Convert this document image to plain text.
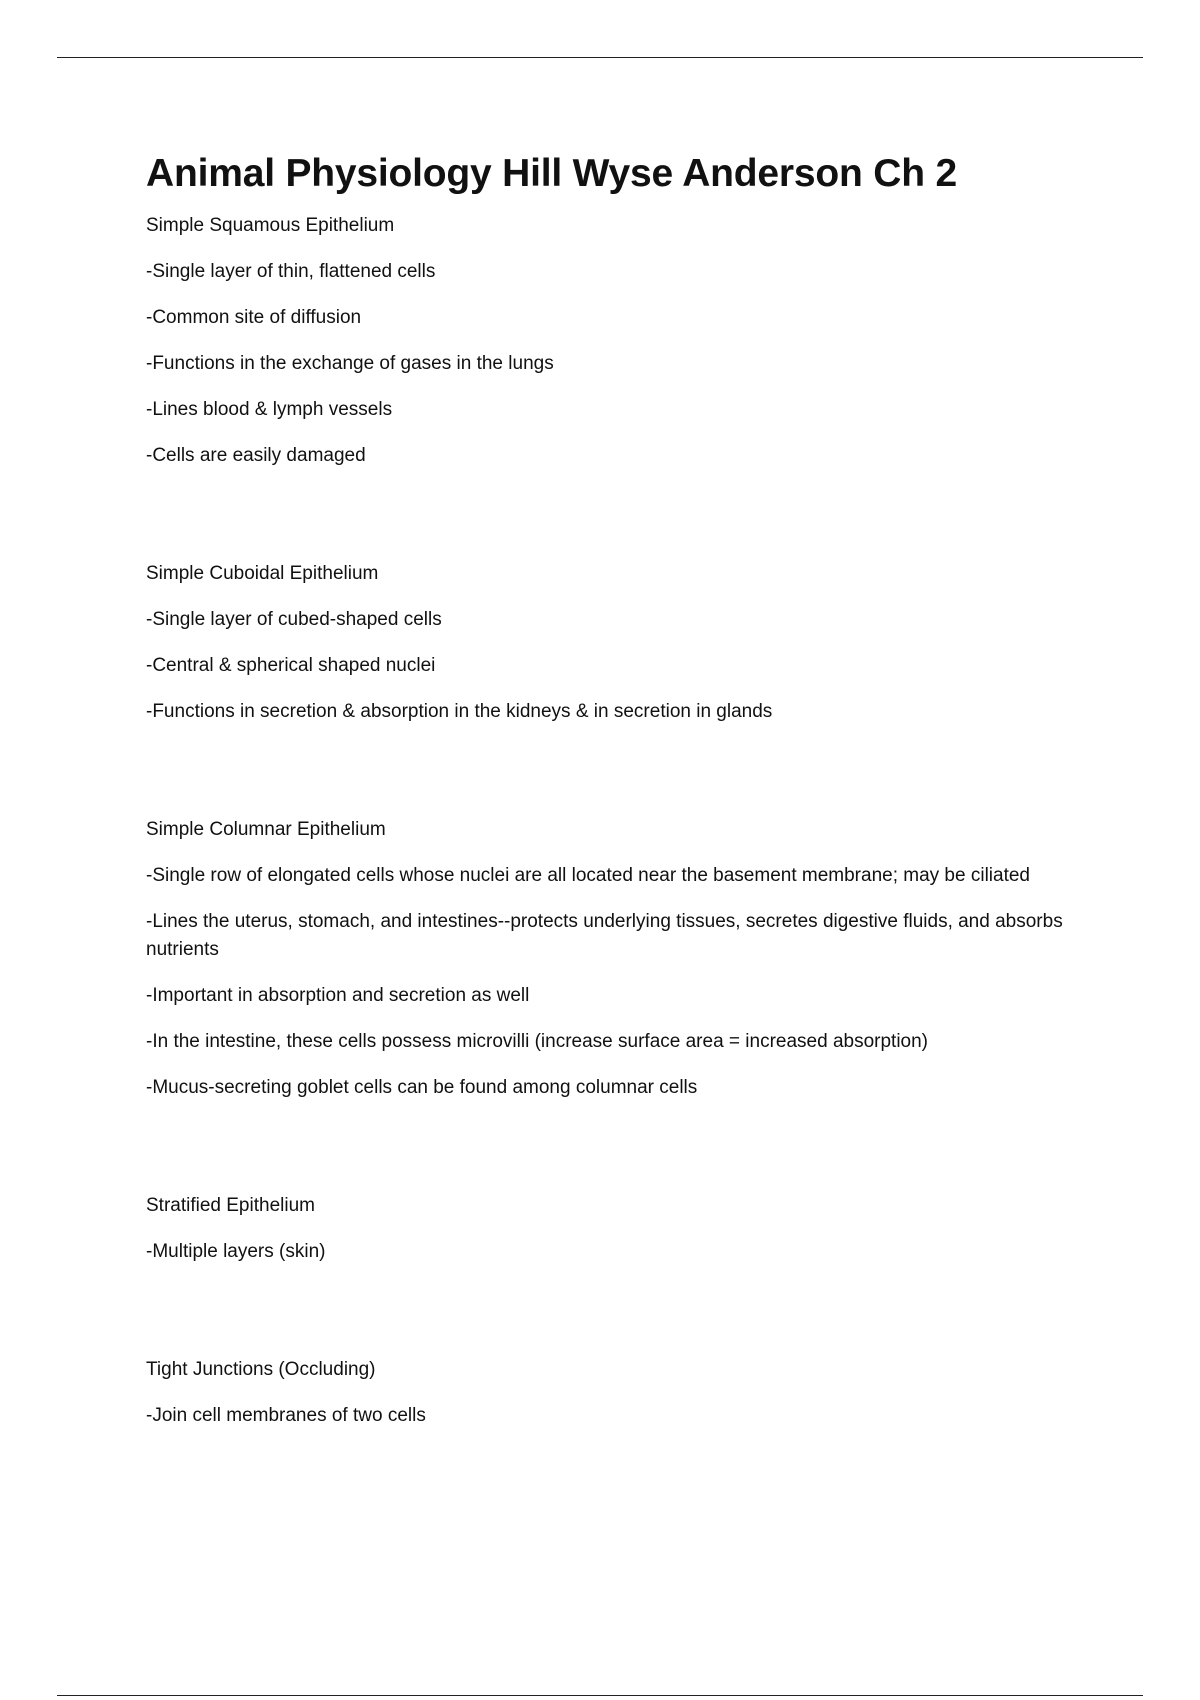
Animal Physiology Hill Wyse Anderson Ch 2

Simple Squamous Epithelium

-Single layer of thin, flattened cells

-Common site of diffusion

-Functions in the exchange of gases in the lungs

-Lines blood & lymph vessels

-Cells are easily damaged

Simple Cuboidal Epithelium

-Single layer of cubed-shaped cells

-Central & spherical shaped nuclei

-Functions in secretion & absorption in the kidneys & in secretion in glands

Simple Columnar Epithelium

-Single row of elongated cells whose nuclei are all located near the basement membrane; may be ciliated

-Lines the uterus, stomach, and intestines--protects underlying tissues, secretes digestive fluids, and absorbs nutrients

-Important in absorption and secretion as well

-In the intestine, these cells possess microvilli (increase surface area = increased absorption)

-Mucus-secreting goblet cells can be found among columnar cells

Stratified Epithelium

-Multiple layers (skin)

Tight Junctions (Occluding)

-Join cell membranes of two cells
